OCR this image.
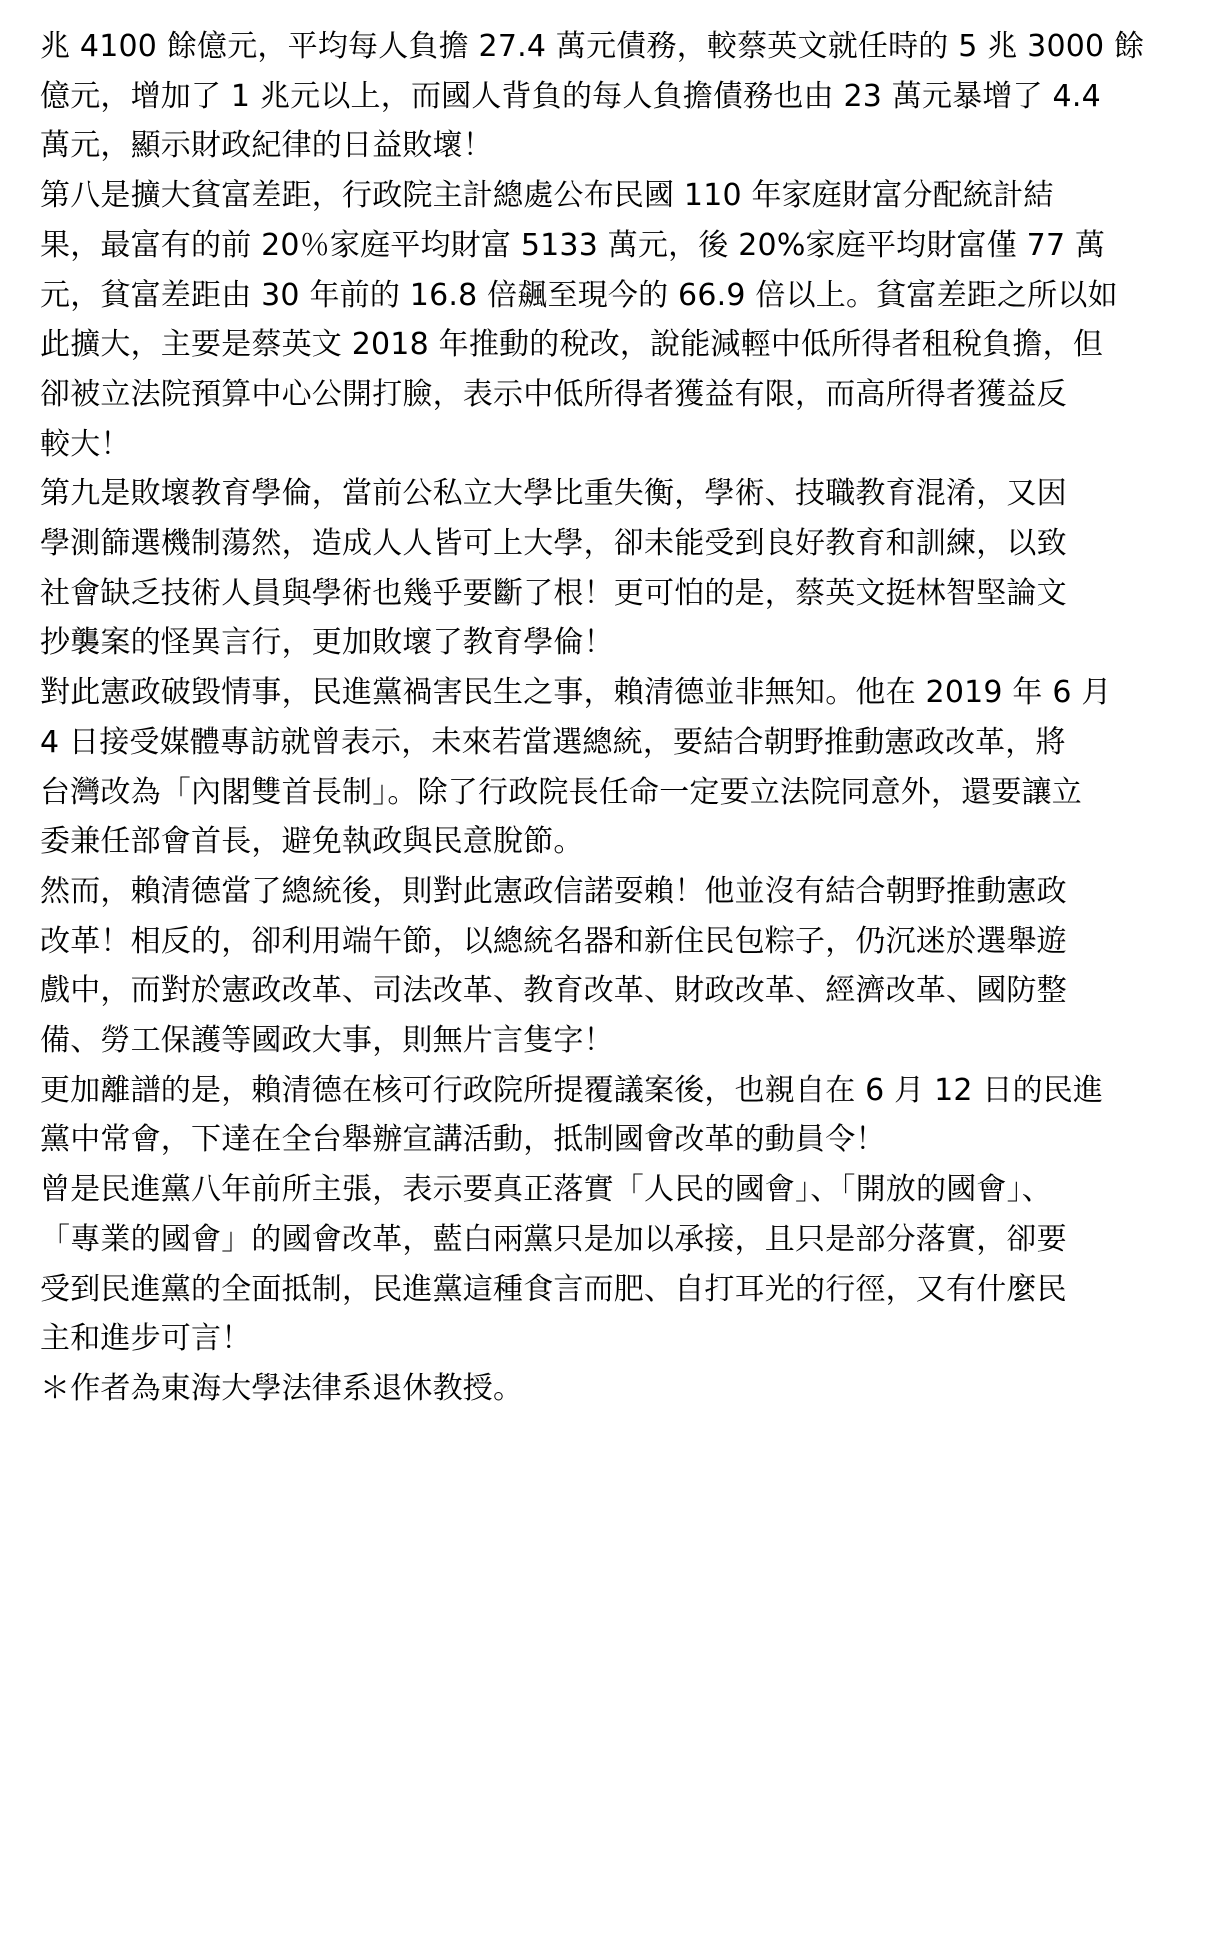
兆 4100 餘億元，平均每人負擔 27.4 萬元債務，較蔡英文就任時的 5 兆 3000 餘
億元，增加了 1 兆元以上，而國人背負的每人負擔債務也由 23 萬元暴增了 4.4
萬元，顯示財政紀律的日益敗壞！
第八是擴大貧富差距，行政院主計總處公布民國 110 年家庭財富分配統計結
果，最富有的前 20％家庭平均財富 5133 萬元，後 20%家庭平均財富僅 77 萬
元，貧富差距由 30 年前的 16.8 倍飆至現今的 66.9 倍以上。貧富差距之所以如
此擴大，主要是蔡英文 2018 年推動的稅改，說能減輕中低所得者租稅負擔，但
卻被立法院預算中心公開打臉，表示中低所得者獲益有限，而高所得者獲益反
較大！
第九是敗壞教育學倫，當前公私立大學比重失衡，學術、技職教育混淆，又因
學測篩選機制蕩然，造成人人皆可上大學，卻未能受到良好教育和訓練，以致
社會缺乏技術人員與學術也幾乎要斷了根！更可怕的是，蔡英文挺林智堅論文
抄襲案的怪異言行，更加敗壞了教育學倫！
對此憲政破毀情事，民進黨禍害民生之事，賴清德並非無知。他在 2019 年 6 月
4 日接受媒體專訪就曾表示，未來若當選總統，要結合朝野推動憲政改革，將
台灣改為「內閣雙首長制」。除了行政院長任命一定要立法院同意外，還要讓立
委兼任部會首長，避免執政與民意脫節。
然而，賴清德當了總統後，則對此憲政信諾耍賴！他並沒有結合朝野推動憲政
改革！相反的，卻利用端午節，以總統名器和新住民包粽子，仍沉迷於選舉遊
戲中，而對於憲政改革、司法改革、教育改革、財政改革、經濟改革、國防整
備、勞工保護等國政大事，則無片言隻字！
更加離譜的是，賴清德在核可行政院所提覆議案後，也親自在 6 月 12 日的民進
黨中常會，下達在全台舉辦宣講活動，抵制國會改革的動員令！
曾是民進黨八年前所主張，表示要真正落實「人民的國會」、「開放的國會」、
「專業的國會」的國會改革，藍白兩黨只是加以承接，且只是部分落實，卻要
受到民進黨的全面抵制，民進黨這種食言而肥、自打耳光的行徑，又有什麼民
主和進步可言！
＊作者為東海大學法律系退休教授。
